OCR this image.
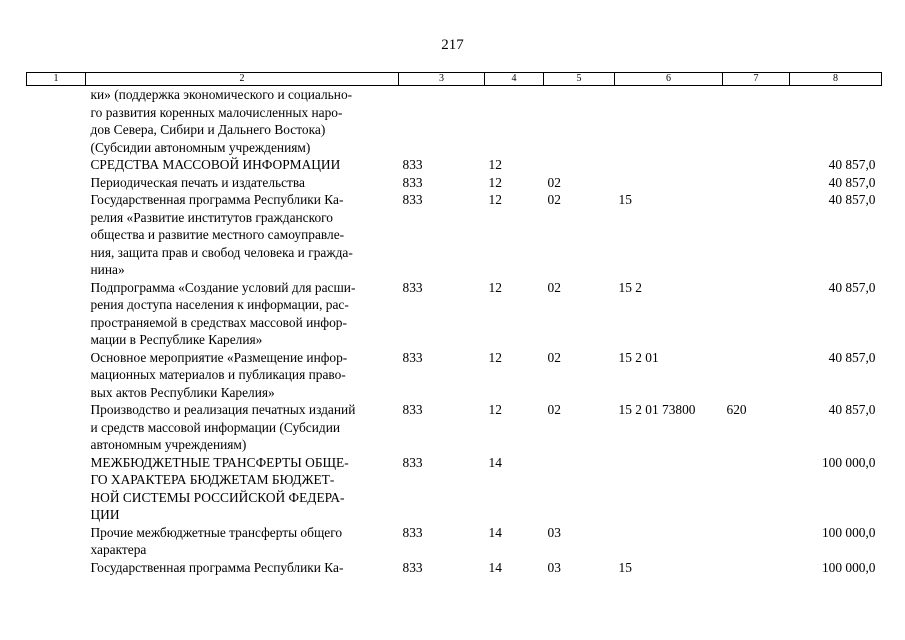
217
1	2	3	4	5	6	7	8

	ки» (поддержка экономического и социально-
го развития коренных малочисленных наро-
дов Севера, Сибири и Дальнего Востока)
(Субсидии автономным учреждениям)						

	СРЕДСТВА МАССОВОЙ ИНФОРМАЦИИ	833	12				40 857,0

	Периодическая печать и издательства	833	12	02			40 857,0

	Государственная программа Республики Ка-
релия «Развитие институтов гражданского
общества и развитие местного самоуправле-
ния, защита прав и свобод человека и гражда-
нина»	833	12	02	15		40 857,0

	Подпрограмма «Создание условий для расши-
рения доступа населения к информации, рас-
пространяемой в средствах массовой инфор-
мации в Республике Карелия»	833	12	02	15 2		40 857,0

	Основное мероприятие «Размещение инфор-
мационных материалов и публикация право-
вых актов Республики Карелия»	833	12	02	15 2 01		40 857,0

	Производство и реализация печатных изданий
и средств массовой информации (Субсидии
автономным учреждениям)	833	12	02	15 2 01 73800	620	40 857,0

	МЕЖБЮДЖЕТНЫЕ ТРАНСФЕРТЫ ОБЩЕ-
ГО ХАРАКТЕРА БЮДЖЕТАМ БЮДЖЕТ-
НОЙ СИСТЕМЫ РОССИЙСКОЙ ФЕДЕРА-
ЦИИ	833	14				100 000,0

	Прочие межбюджетные трансферты общего
характера	833	14	03			100 000,0

	Государственная программа Республики Ка-	833	14	03	15		100 000,0
